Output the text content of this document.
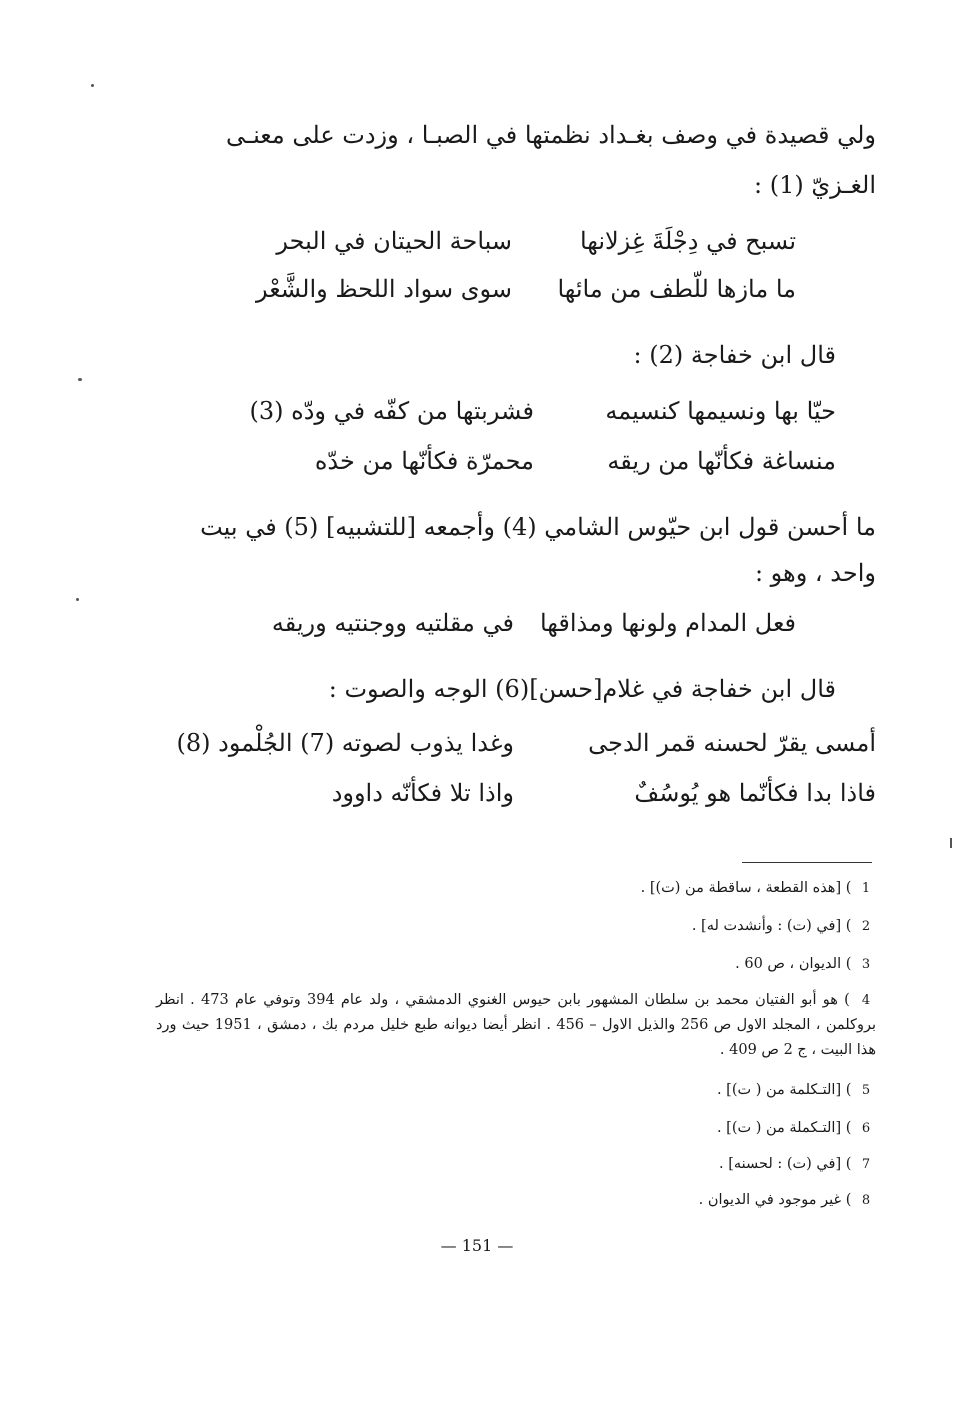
ولي قصيدة في وصف بغـداد نظمتها في الصبـا ، وزدت على معنـى
الغـزيّ (1) :
تسبح في دِجْلَةَ غِزلانها
سباحة الحيتان في البحر
ما مازها للّطف من مائها
سوى سواد اللحظ والشَّعْر
قال ابن خفاجة (2) :
حيّا بها ونسيمها كنسيمه
فشربتها من كفّه في ودّه (3)
منساغة فكأنّها من ريقه
محمرّة فكأنّها من خدّه
ما أحسن قول ابن حيّوس الشامي (4) وأجمعه [للتشبيه] (5) في بيت
واحد ، وهو :
فعل المدام ولونها ومذاقها
في مقلتيه ووجنتيه وريقه
قال ابن خفاجة في غلام[حسن](6) الوجه والصوت :
أمسى يقرّ لحسنه قمر الدجى
وغدا يذوب لصوته (7) الجُلْمود (8)
فاذا بدا فكأنّما هو يُوسُفٌ
واذا تلا فكأنّه داوود
1 ) [هذه القطعة ، ساقطة من (ت)] .
2 ) [في (ت) : وأنشدت له] .
3 ) الديوان ، ص 60 .
4 ) هو أبو الفتيان محمد بن سلطان المشهور بابن حيوس الغنوي الدمشقي ، ولد عام 394 وتوفي عام 473 . انظر بروكلمن ، المجلد الاول ص 256 والذيل الاول – 456 . انظر أيضا ديوانه طبع خليل مردم بك ، دمشق ، 1951 حيث ورد هذا البيت ، ج 2 ص 409 .
5 ) [التـكلمة من ( ت)] .
6 ) [التـكملة من ( ت)] .
7 ) [في (ت) : لحسنه] .
8 ) غير موجود في الديوان .
— 151 —
